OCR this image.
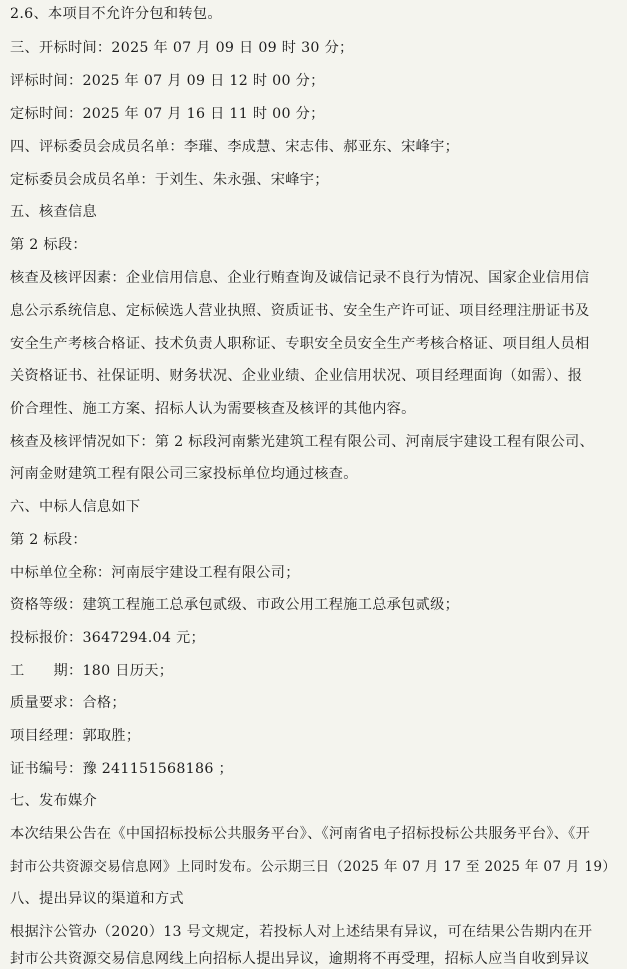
2.6、本项目不允许分包和转包。
三、开标时间：2025 年 07 月 09 日 09 时 30 分；
评标时间：2025 年 07 月 09 日 12 时 00 分；
定标时间：2025 年 07 月 16 日 11 时 00 分；
四、评标委员会成员名单：李璀、李成慧、宋志伟、郝亚东、宋峰宇；
定标委员会成员名单：于刘生、朱永强、宋峰宇；
五、核查信息
第 2 标段：
核查及核评因素：企业信用信息、企业行贿查询及诚信记录不良行为情况、国家企业信用信
息公示系统信息、定标候选人营业执照、资质证书、安全生产许可证、项目经理注册证书及
安全生产考核合格证、技术负责人职称证、专职安全员安全生产考核合格证、项目组人员相
关资格证书、社保证明、财务状况、企业业绩、企业信用状况、项目经理面询（如需）、报
价合理性、施工方案、招标人认为需要核查及核评的其他内容。
核查及核评情况如下：第 2 标段河南紫光建筑工程有限公司、河南辰宇建设工程有限公司、
河南金财建筑工程有限公司三家投标单位均通过核查。
六、中标人信息如下
第 2 标段：
中标单位全称：河南辰宇建设工程有限公司；
资格等级：建筑工程施工总承包贰级、市政公用工程施工总承包贰级；
投标报价：3647294.04 元；
工　　期：180 日历天；
质量要求：合格；
项目经理：郭取胜；
证书编号：豫 241151568186 ；
七、发布媒介
本次结果公告在《中国招标投标公共服务平台》、《河南省电子招标投标公共服务平台》、《开
封市公共资源交易信息网》上同时发布。公示期三日（2025 年 07 月 17 至 2025 年 07 月 19）
八、提出异议的渠道和方式
根据汴公管办（2020）13 号文规定，若投标人对上述结果有异议，可在结果公告期内在开
封市公共资源交易信息网线上向招标人提出异议，逾期将不再受理，招标人应当自收到异议
